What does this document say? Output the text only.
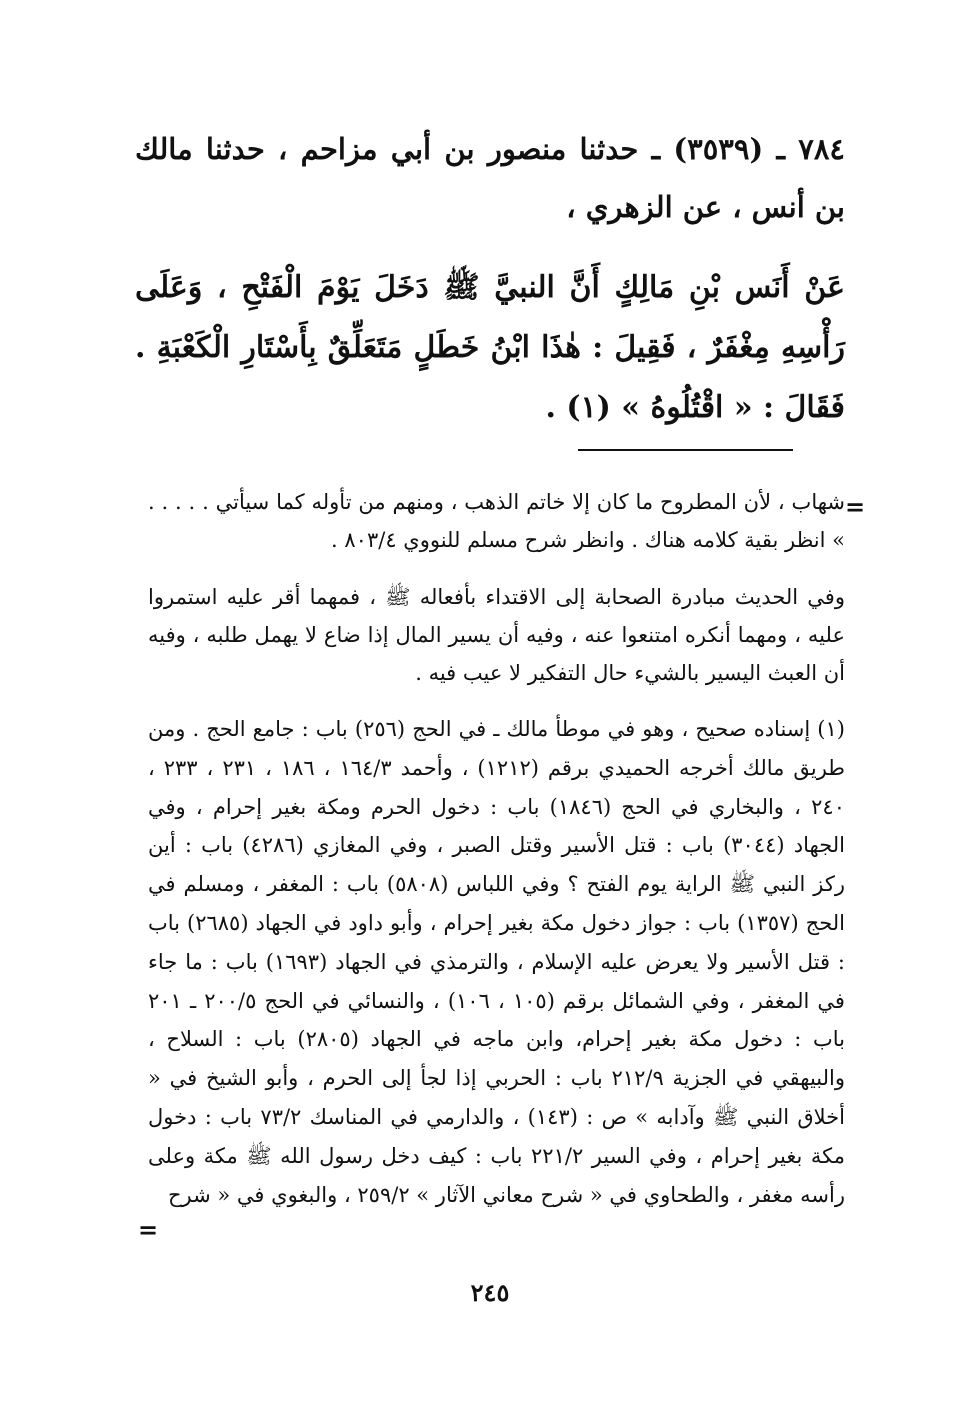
٧٨٤ ـ (٣٥٣٩) ـ حدثنا منصور بن أبي مزاحم ، حدثنا مالك بن أنس ، عن الزهري ،
عَنْ أَنَس بْنِ مَالِكٍ أَنَّ النبيَّ ﷺ دَخَلَ يَوْمَ الْفَتْحِ ، وَعَلَى رَأْسِهِ مِغْفَرٌ ، فَقِيلَ : هٰذَا ابْنُ خَطَلٍ مَتَعَلِّقٌ بِأَسْتَارِ الْكَعْبَةِ . فَقَالَ : « اقْتُلُوهُ » (١) .
=
شهاب ، لأن المطروح ما كان إلا خاتم الذهب ، ومنهم من تأوله كما سيأتي . . . . . » انظر بقية كلامه هناك . وانظر شرح مسلم للنووي ٨٠٣/٤ .
وفي الحديث مبادرة الصحابة إلى الاقتداء بأفعاله ﷺ ، فمهما أقر عليه استمروا عليه ، ومهما أنكره امتنعوا عنه ، وفيه أن يسير المال إذا ضاع لا يهمل طلبه ، وفيه أن العبث اليسير بالشيء حال التفكير لا عيب فيه .
(١) إسناده صحيح ، وهو في موطأ مالك ـ في الحج (٢٥٦) باب : جامع الحج . ومن طريق مالك أخرجه الحميدي برقم (١٢١٢) ، وأحمد ١٦٤/٣ ، ١٨٦ ، ٢٣١ ، ٢٣٣ ، ٢٤٠ ، والبخاري في الحج (١٨٤٦) باب : دخول الحرم ومكة بغير إحرام ، وفي الجهاد (٣٠٤٤) باب : قتل الأسير وقتل الصبر ، وفي المغازي (٤٢٨٦) باب : أين ركز النبي ﷺ الراية يوم الفتح ؟ وفي اللباس (٥٨٠٨) باب : المغفر ، ومسلم في الحج (١٣٥٧) باب : جواز دخول مكة بغير إحرام ، وأبو داود في الجهاد (٢٦٨٥) باب : قتل الأسير ولا يعرض عليه الإسلام ، والترمذي في الجهاد (١٦٩٣) باب : ما جاء في المغفر ، وفي الشمائل برقم (١٠٥ ، ١٠٦) ، والنسائي في الحج ٢٠٠/٥ ـ ٢٠١ باب : دخول مكة بغير إحرام، وابن ماجه في الجهاد (٢٨٠٥) باب : السلاح ، والبيهقي في الجزية ٢١٢/٩ باب : الحربي إذا لجأ إلى الحرم ، وأبو الشيخ في « أخلاق النبي ﷺ وآدابه » ص : (١٤٣) ، والدارمي في المناسك ٧٣/٢ باب : دخول مكة بغير إحرام ، وفي السير ٢٢١/٢ باب : كيف دخل رسول الله ﷺ مكة وعلى رأسه مغفر ، والطحاوي في « شرح معاني الآثار » ٢٥٩/٢ ، والبغوي في « شرح
=
٢٤٥
